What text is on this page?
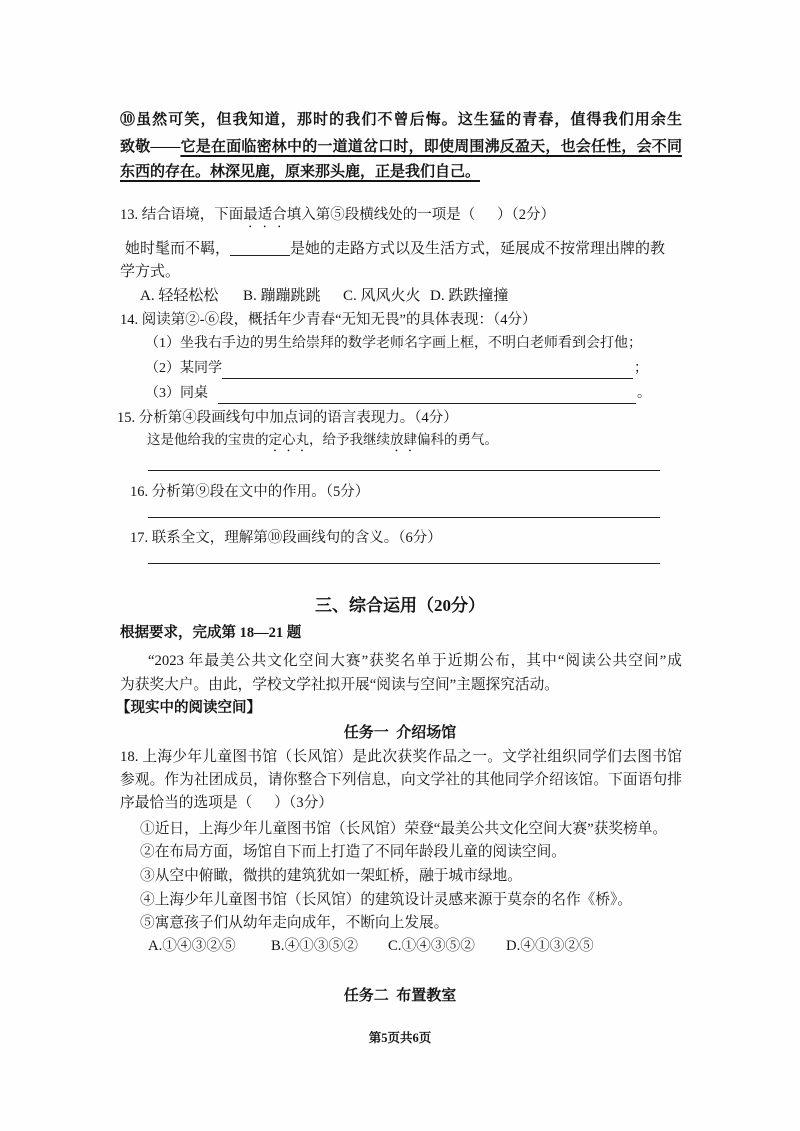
⑩虽然可笑，但我知道，那时的我们不曾后悔。这生猛的青春，值得我们用余生
致敬——它是在面临密林中的一道道岔口时，即使周围沸反盈天，也会任性，会不同
东西的存在。林深见鹿，原来那头鹿，正是我们自己。
13. 结合语境，下面最适合填入第⑤段横线处的一项是（      ）（2分）
她时髦而不羁，	是她的走路方式以及生活方式，延展成不按常理出牌的教
学方式。
A. 轻轻松松 B. 蹦蹦跳跳 C. 风风火火 D. 跌跌撞撞
14. 阅读第②-⑥段，概括年少青春“无知无畏”的具体表现：（4分）
（1）坐我右手边的男生给崇拜的数学老师名字画上框，不明白老师看到会打他；
（2）某同学	；
（3）同桌	。
15. 分析第④段画线句中加点词的语言表现力。（4分）
这是他给我的宝贵的定心丸，给予我继续放肆偏科的勇气。
16. 分析第⑨段在文中的作用。（5分）
17. 联系全文，理解第⑩段画线句的含义。（6分）
三、综合运用（20分）
根据要求，完成第 18—21 题
“2023 年最美公共文化空间大赛”获奖名单于近期公布，其中“阅读公共空间”成
为获奖大户。由此，学校文学社拟开展“阅读与空间”主题探究活动。
【现实中的阅读空间】
任务一  介绍场馆
18. 上海少年儿童图书馆（长风馆）是此次获奖作品之一。文学社组织同学们去图书馆
参观。作为社团成员，请你整合下列信息，向文学社的其他同学介绍该馆。下面语句排
序最恰当的选项是（      ）（3分）
①近日，上海少年儿童图书馆（长风馆）荣登“最美公共文化空间大赛”获奖榜单。
②在布局方面，场馆自下而上打造了不同年龄段儿童的阅读空间。
③从空中俯瞰，微拱的建筑犹如一架虹桥，融于城市绿地。
④上海少年儿童图书馆（长风馆）的建筑设计灵感来源于莫奈的名作《桥》。
⑤寓意孩子们从幼年走向成年，不断向上发展。
A.①④③②⑤ B.④①③⑤② C.①④③⑤② D.④①③②⑤
任务二  布置教室
第5页共6页
